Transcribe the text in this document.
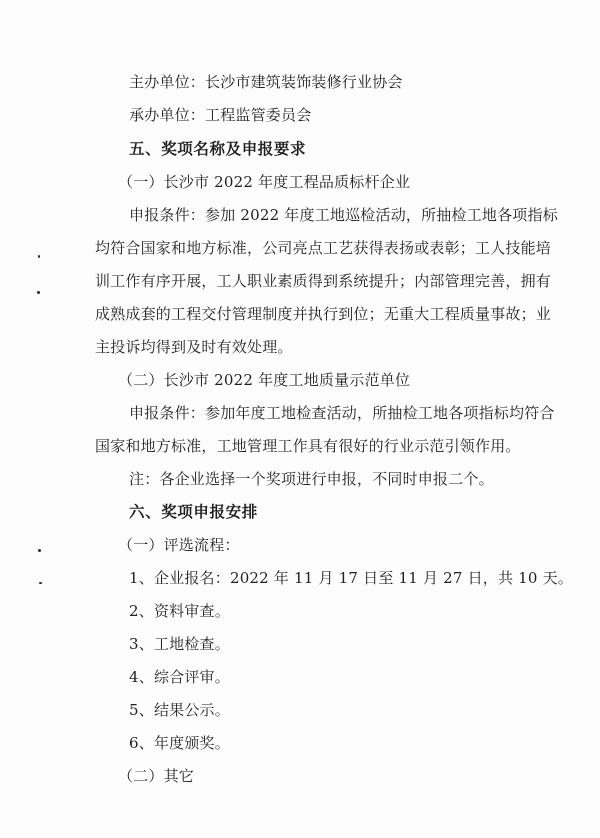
主办单位：长沙市建筑装饰装修行业协会
承办单位：工程监管委员会
五、奖项名称及申报要求
（一）长沙市 2022 年度工程品质标杆企业
申报条件：参加 2022 年度工地巡检活动，所抽检工地各项指标
均符合国家和地方标准，公司亮点工艺获得表扬或表彰；工人技能培
训工作有序开展，工人职业素质得到系统提升；内部管理完善，拥有
成熟成套的工程交付管理制度并执行到位；无重大工程质量事故；业
主投诉均得到及时有效处理。
（二）长沙市 2022 年度工地质量示范单位
申报条件：参加年度工地检查活动，所抽检工地各项指标均符合
国家和地方标准，工地管理工作具有很好的行业示范引领作用。
注：各企业选择一个奖项进行申报，不同时申报二个。
六、奖项申报安排
（一）评选流程：
1、企业报名：2022 年 11 月 17 日至 11 月 27 日，共 10 天。
2、资料审查。
3、工地检查。
4、综合评审。
5、结果公示。
6、年度颁奖。
（二）其它
